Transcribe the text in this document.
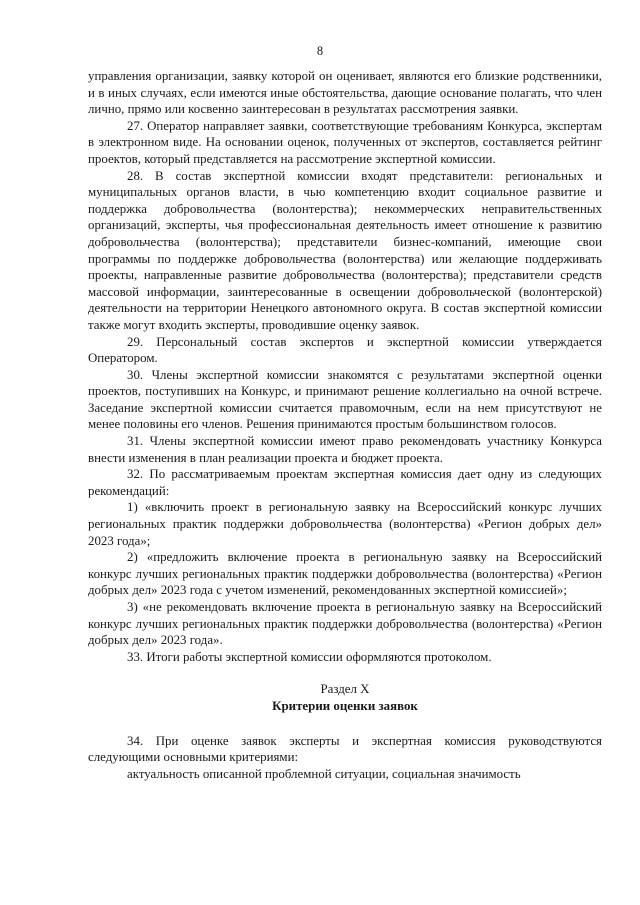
8

управления организации, заявку которой он оценивает, являются его близкие родственники, и в иных случаях, если имеются иные обстоятельства, дающие основание полагать, что член лично, прямо или косвенно заинтересован в результатах рассмотрения заявки.

27. Оператор направляет заявки, соответствующие требованиям Конкурса, экспертам в электронном виде. На основании оценок, полученных от экспертов, составляется рейтинг проектов, который представляется на рассмотрение экспертной комиссии.

28. В состав экспертной комиссии входят представители: региональных и муниципальных органов власти, в чью компетенцию входит социальное развитие и поддержка добровольчества (волонтерства); некоммерческих неправительственных организаций, эксперты, чья профессиональная деятельность имеет отношение к развитию добровольчества (волонтерства); представители бизнес-компаний, имеющие свои программы по поддержке добровольчества (волонтерства) или желающие поддерживать проекты, направленные развитие добровольчества (волонтерства); представители средств массовой информации, заинтересованные в освещении добровольческой (волонтерской) деятельности на территории Ненецкого автономного округа. В состав экспертной комиссии также могут входить эксперты, проводившие оценку заявок.

29. Персональный состав экспертов и экспертной комиссии утверждается Оператором.

30. Члены экспертной комиссии знакомятся с результатами экспертной оценки проектов, поступивших на Конкурс, и принимают решение коллегиально на очной встрече. Заседание экспертной комиссии считается правомочным, если на нем присутствуют не менее половины его членов. Решения принимаются простым большинством голосов.

31. Члены экспертной комиссии имеют право рекомендовать участнику Конкурса внести изменения в план реализации проекта и бюджет проекта.

32. По рассматриваемым проектам экспертная комиссия дает одну из следующих рекомендаций:

1) «включить проект в региональную заявку на Всероссийский конкурс лучших региональных практик поддержки добровольчества (волонтерства) «Регион добрых дел» 2023 года»;

2) «предложить включение проекта в региональную заявку на Всероссийский конкурс лучших региональных практик поддержки добровольчества (волонтерства) «Регион добрых дел» 2023 года с учетом изменений, рекомендованных экспертной комиссией»;

3) «не рекомендовать включение проекта в региональную заявку на Всероссийский конкурс лучших региональных практик поддержки добровольчества (волонтерства) «Регион добрых дел» 2023 года».

33. Итоги работы экспертной комиссии оформляются протоколом.

Раздел X

Критерии оценки заявок

34. При оценке заявок эксперты и экспертная комиссия руководствуются следующими основными критериями:

актуальность описанной проблемной ситуации, социальная значимость
